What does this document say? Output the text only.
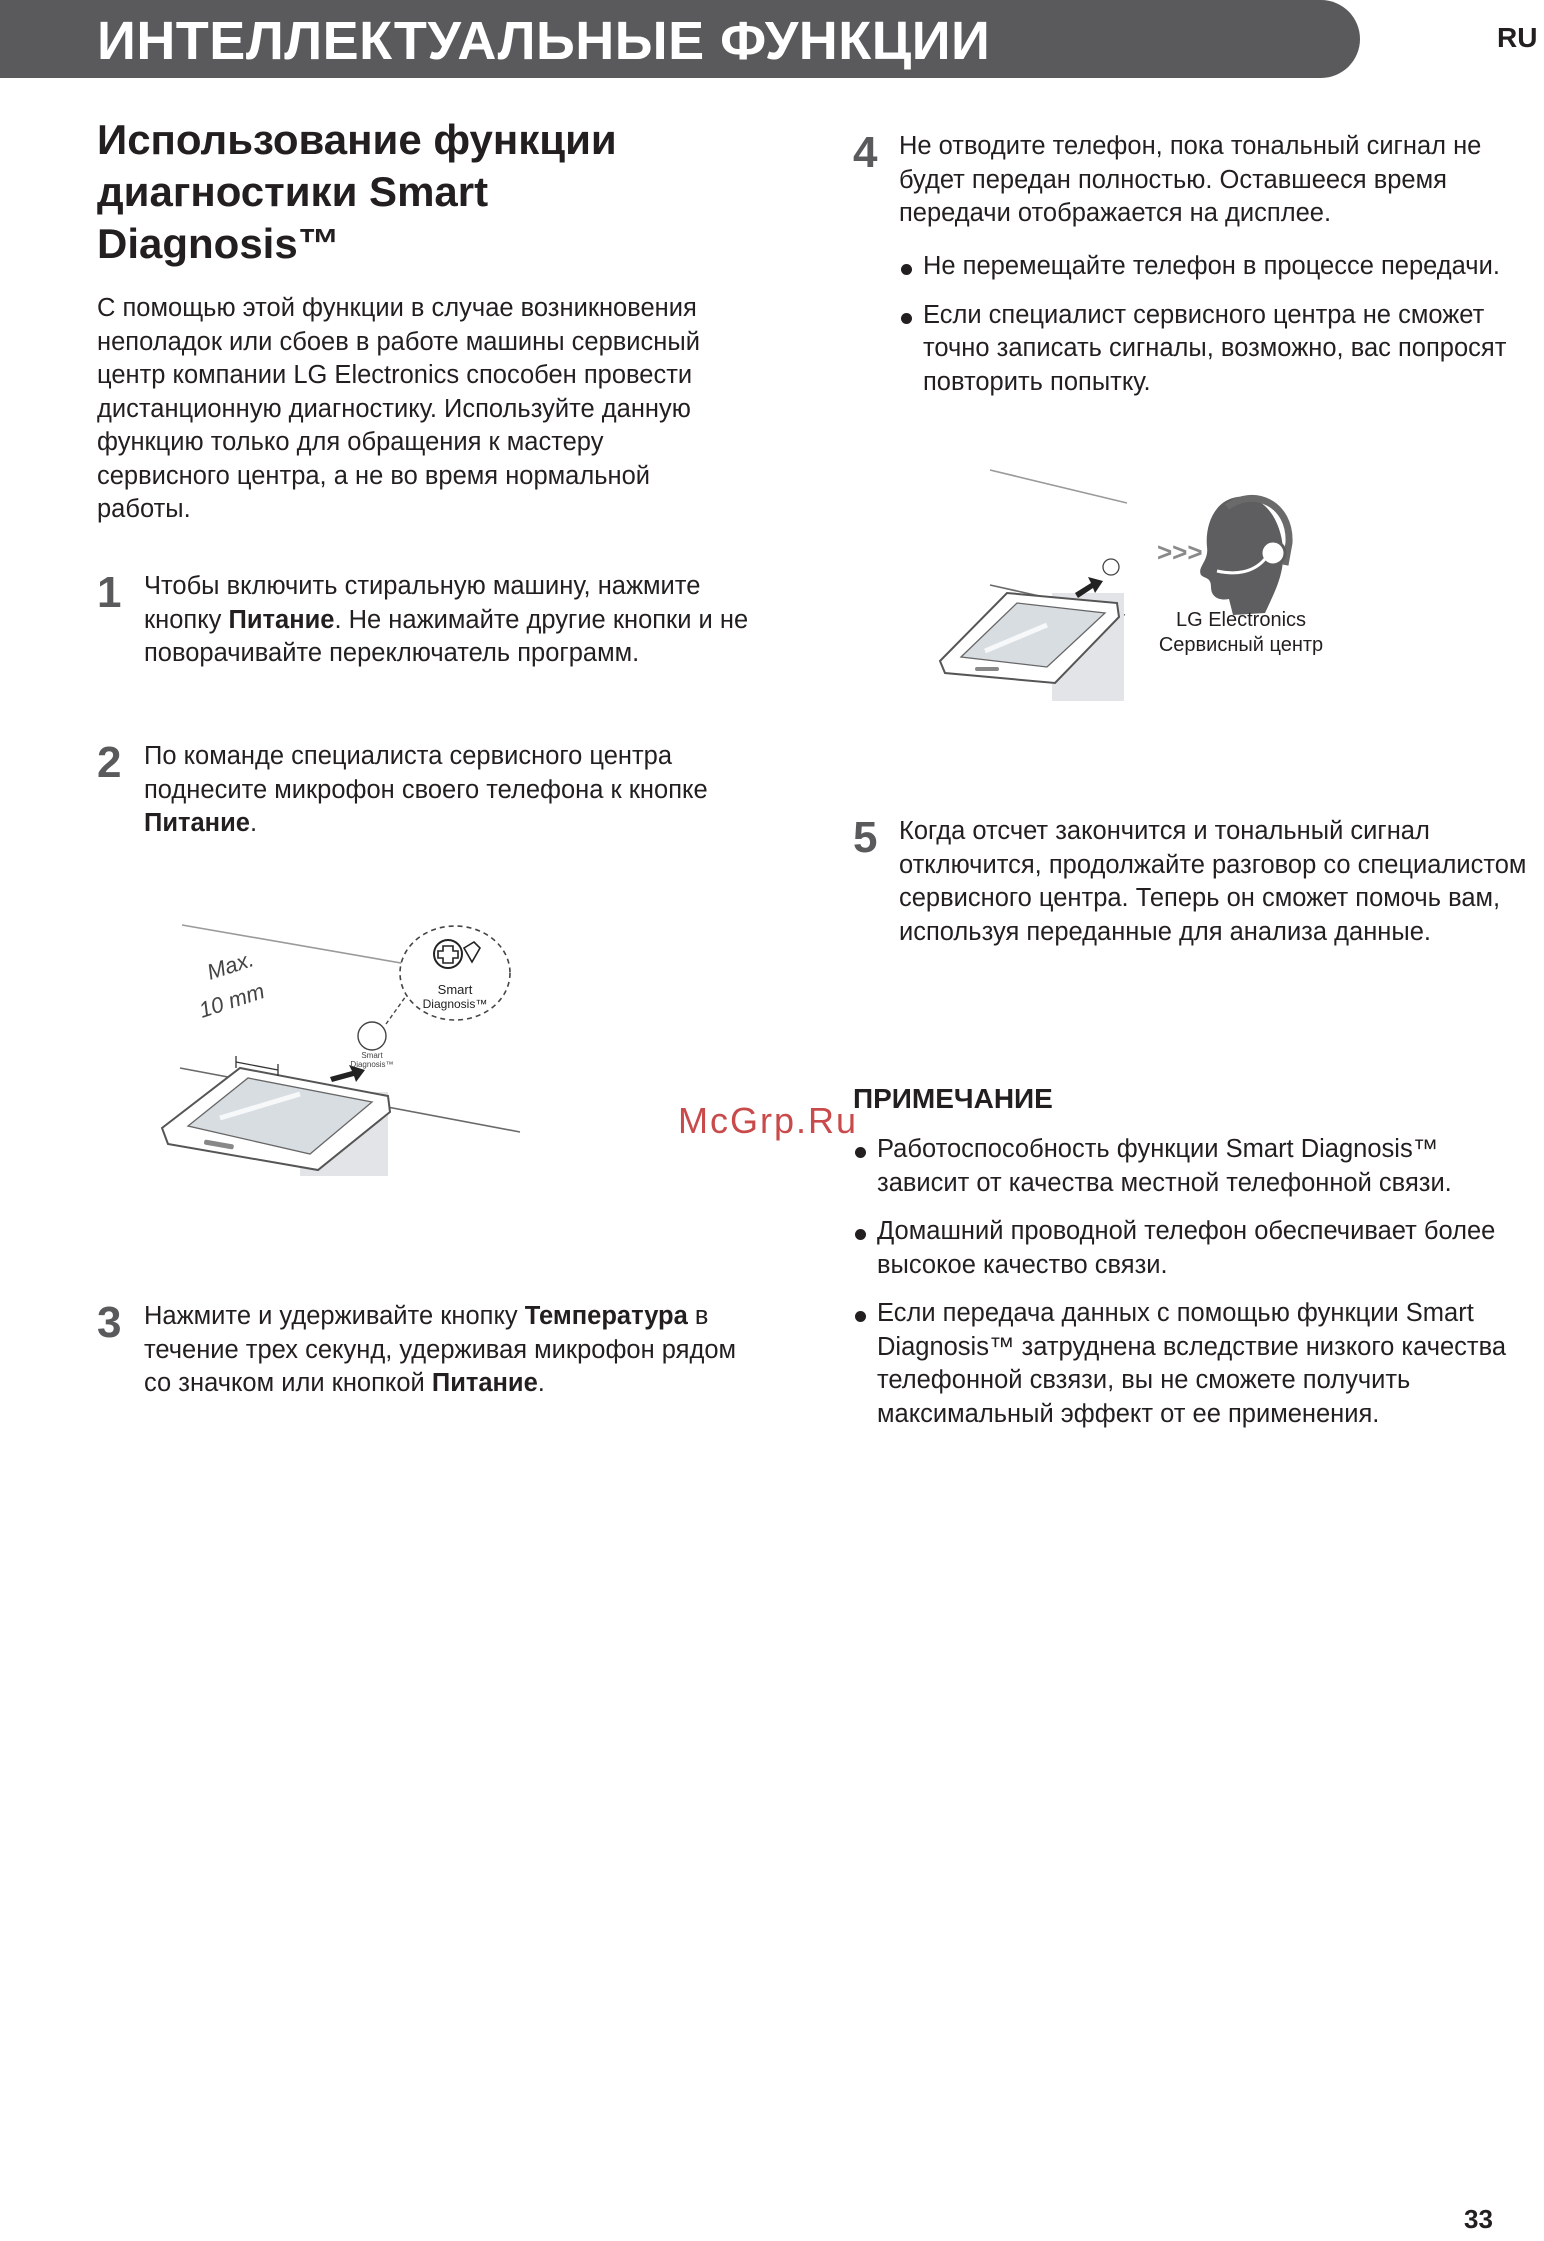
ИНТЕЛЛЕКТУАЛЬНЫЕ ФУНКЦИИ	RU
Использование функции диагностики Smart Diagnosis™
С помощью этой функции в случае возникновения неполадок или сбоев в работе машины сервисный центр компании LG Electronics способен провести дистанционную диагностику. Используйте данную функцию только для обращения к мастеру сервисного центра, а не во время нормальной работы.
1 Чтобы включить стиральную машину, нажмите кнопку Питание. Не нажимайте другие кнопки и не поворачивайте переключатель программ.
2 По команде специалиста сервисного центра поднесите микрофон своего телефона к кнопке Питание.
Max.
10 mm
Smart
Diagnosis™
Smart
Diagnosis™
3 Нажмите и удерживайте кнопку Температура в течение трех секунд, удерживая микрофон рядом со значком или кнопкой Питание.
4 Не отводите телефон, пока тональный сигнал не будет передан полностью. Оставшееся время передачи отображается на дисплее.
Не перемещайте телефон в процессе передачи.
Если специалист сервисного центра не сможет точно записать сигналы, возможно, вас попросят повторить попытку.
>>>
LG Electronics
Сервисный центр
5 Когда отсчет закончится и тональный сигнал отключится, продолжайте разговор со специалистом сервисного центра. Теперь он сможет помочь вам, используя переданные для анализа данные.
ПРИМЕЧАНИЕ
Работоспособность функции Smart Diagnosis™ зависит от качества местной телефонной связи.
Домашний проводной телефон обеспечивает более высокое качество связи.
Если передача данных с помощью функции Smart Diagnosis™ затруднена вследствие низкого качества телефонной свзязи, вы не сможете получить максимальный эффект от ее применения.
McGrp.Ru
33
